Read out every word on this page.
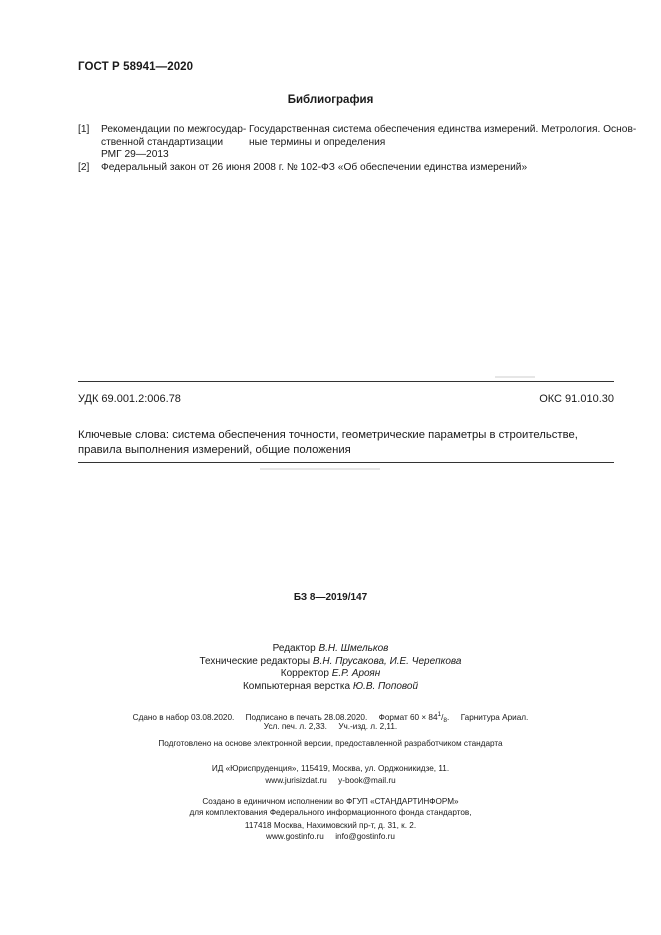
ГОСТ Р 58941—2020
Библиография
[1] Рекомендации по межгосудар-
ственной стандартизации
РМГ 29—2013
Государственная система обеспечения единства измерений. Метрология. Основ-
ные термины и определения
[2] Федеральный закон от 26 июня 2008 г. № 102-ФЗ «Об обеспечении единства измерений»
УДК 69.001.2:006.78	ОКС 91.010.30
Ключевые слова: система обеспечения точности, геометрические параметры в строительстве, правила выполнения измерений, общие положения
БЗ 8—2019/147
Редактор В.Н. Шмельков
Технические редакторы В.Н. Прусакова, И.Е. Черепкова
Корректор Е.Р. Ароян
Компьютерная верстка Ю.В. Поповой
Сдано в набор 03.08.2020. Подписано в печать 28.08.2020. Формат $60 \times 84^1/_8$. Гарнитура Ариал.
Усл. печ. л. 2,33. Уч.-изд. л. 2,11.
Подготовлено на основе электронной версии, предоставленной разработчиком стандарта
ИД «Юриспруденция», 115419, Москва, ул. Орджоникидзе, 11.
www.jurisizdat.ru y-book@mail.ru
Создано в единичном исполнении во ФГУП «СТАНДАРТИНФОРМ»
для комплектования Федерального информационного фонда стандартов,
117418 Москва, Нахимовский пр-т, д. 31, к. 2.
www.gostinfo.ru info@gostinfo.ru
